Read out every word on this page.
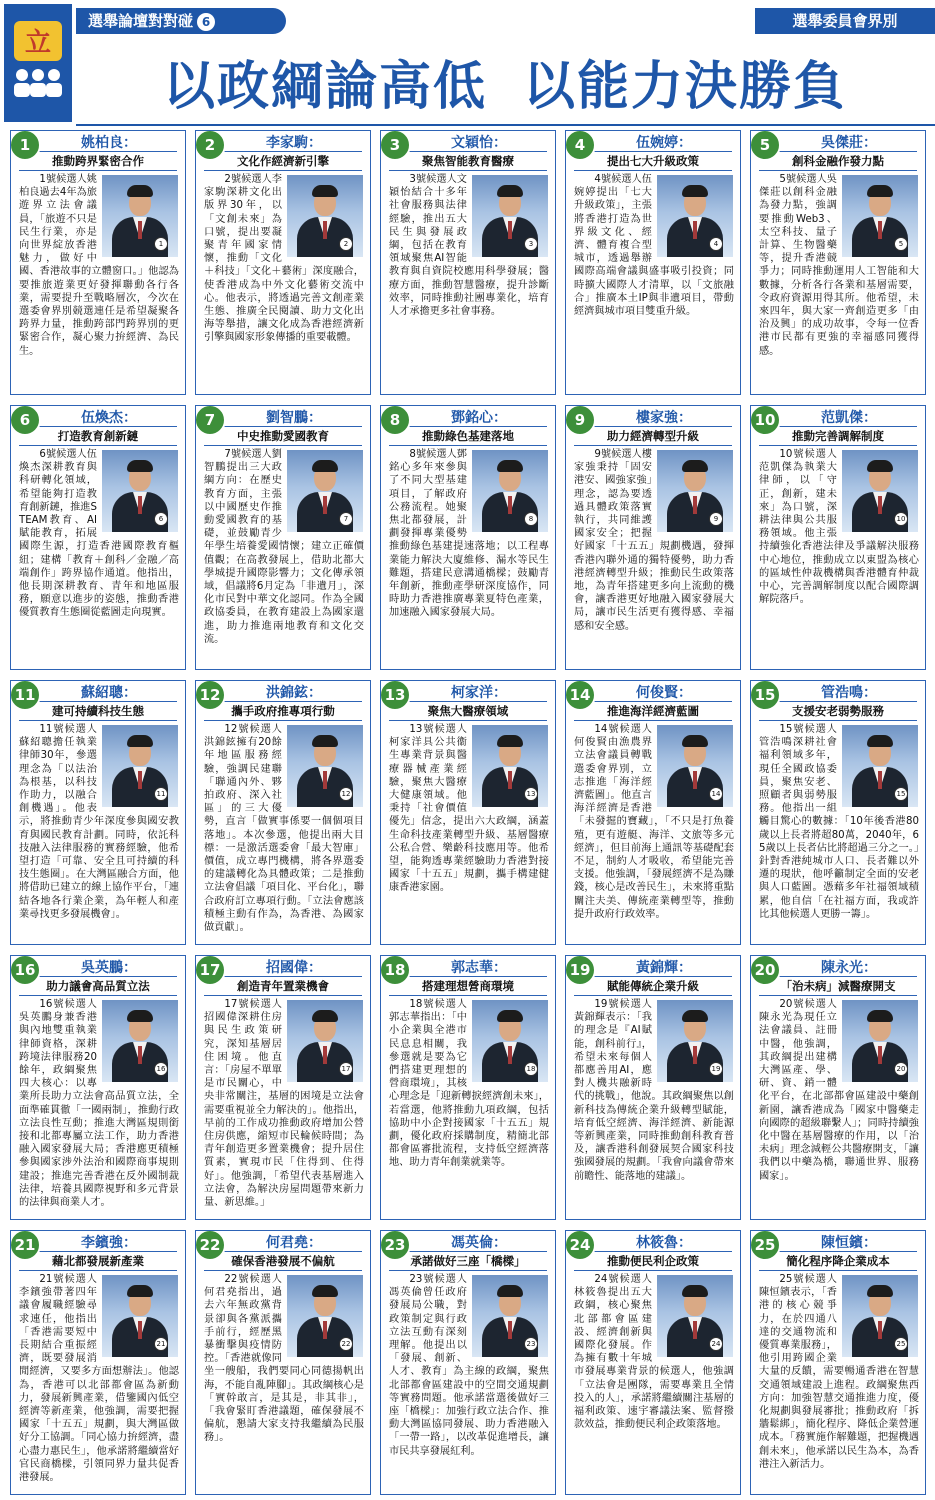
立
選舉論壇對對碰 6	選舉委員會界別
以政綱論高低 以能力決勝負
1	姚柏良：
推動跨界緊密合作
1

1號候選人姚柏良過去4年為旅遊界立法會議員，「旅遊不只是民生行業，亦是向世界綻放香港魅力，做好中國、香港故事的立體窗口。」他認為要推旅遊業更好發揮聯動各行各業，需要提升至戰略層次，今次在選委會界別競選連任是希望凝聚各跨界力量，推動跨部門跨界別的更緊密合作，凝心聚力拚經濟、為民生。

2	李家駒：
文化作經濟新引擎
2

2號候選人李家駒深耕文化出版界30年，以「文創未來」為口號，提出要凝聚青年國家情懷，推動「文化＋科技」「文化＋藝術」深度融合，使香港成為中外文化藝術交流中心。他表示，將透過完善文創產業生態、推廣全民閱讀、助力文化出海等舉措，讓文化成為香港經濟新引擎與國家形象傳播的重要載體。

3	文穎怡：
聚焦智能教育醫療
3

3號候選人文穎怡結合十多年社會服務與法律經驗，推出五大民生與發展政綱，包括在教育領域聚焦AI智能教育與自資院校應用科學發展；醫療方面，推動智慧醫療，提升診斷效率，同時推動社團專業化，培育人才承擔更多社會事務。

4	伍婉婷：
提出七大升級政策
4

4號候選人伍婉婷提出「七大升級政策」，主張將香港打造為世界級文化、經濟、體育複合型城市，透過舉辦國際高端會議與盛事吸引投資；同時擴大國際人才清單，以「文旅融合」推廣本土IP與非遺項目，帶動經濟與城市項目雙重升級。

5	吳傑莊：
創科金融作發力點
5

5號候選人吳傑莊以創科金融為發力點，強調要推動Web3、太空科技、量子計算、生物醫藥等，提升香港競爭力；同時推動運用人工智能和大數據，分析各行各業和基層需要，令政府資源用得其所。他希望，未來四年，與大家一齊創造更多「由治及興」的成功故事，令每一位香港市民都有更強的幸福感同獲得感。

6	伍煥杰：
打造教育創新鏈
6

6號候選人伍煥杰深耕教育與科研轉化領域，希望能夠打造教育創新鏈，推進STEAM教育、AI賦能教育，拓展國際生源，打造香港國際教育樞紐；建構「教育＋創科／金融／高端創作」跨界協作通道。他指出，他長期深耕教育、青年和地區服務，願意以進步的姿態，推動香港優質教育生態圈從藍圖走向現實。

7	劉智鵬：
中史推動愛國教育
7

7號候選人劉智鵬提出三大政綱方向：在歷史教育方面，主張以中國歷史作推動愛國教育的基礎，並鼓勵青少年學生培養愛國情懷；建立正確價值觀；在高教發展上，借助北都大學城提升國際影響力；文化傳承領域，倡議將6月定為「非遺月」，深化市民對中華文化認同。作為全國政協委員，在教育建設上為國家還進，助力推進兩地教育和文化交流。

8	鄧銘心：
推動綠色基建落地
8

8號候選人鄧銘心多年來參與了不同大型基建項目，了解政府公務流程。她聚焦北都發展，計劃發揮專業優勢推動綠色基建提速落地；以工程專業能力解決大廈維修、漏水等民生難題，搭建民意溝通橋樑；鼓勵青年創新，推動產學研深度協作，同時助力香港推廣專業夏特色產業，加速融入國家發展大局。

9	樓家強：
助力經濟轉型升級
9

9號候選人樓家強秉持「固安港安、國強家強」理念，認為要透過具體政策落實執行，共同維護國家安全；把握好國家「十五五」規劃機遇，發揮香港內聯外通的獨特優勢，助力香港經濟轉型升級；推動民生政策落地，為青年搭建更多向上流動的機會，讓香港更好地融入國家發展大局，讓市民生活更有獲得感、幸福感和安全感。

10	范凱傑：
推動完善調解制度
10

10號候選人范凱傑為執業大律師，以「守正，創新，建未來」為口號，深耕法律與公共服務領域。他主張持續強化香港法律及爭議解決服務中心地位，推動成立以東盟為核心的區域性仲裁機構與香港體育仲裁中心，完善調解制度以配合國際調解院落戶。

11	蘇紹聰：
建可持續科技生態
11

11號候選人蘇紹聰擔任執業律師30年，參選理念為「以法治為根基，以科技作助力，以融合創機遇」。他表示，將推動青少年深度參與國安教育與國民教育計劃。同時，依託科技融入法律服務的實務經驗，他希望打造「可靠、安全且可持續的科技生態圈」。在大灣區融合方面，他將借助已建立的線上協作平台，「連結各地各行業企業，為年輕人和產業尋找更多發展機會」。

12	洪錦鉉：
攜手政府推專項行動
12

12號候選人洪錦鉉擁有20餘年地區服務經驗，強調民建聯「聯通內外、夥拍政府、深入社區」的三大優勢，直言「做實事係要一個個項目落地」。本次參選，他提出兩大目標：一是激活選委會「最大智庫」價值，成立專門機構，將各界選委的建議轉化為具體政策；二是推動立法會倡議「項目化、平台化」，聯合政府訂立專項行動。「立法會應該積極主動有作為，為香港、為國家做貢獻」。

13	柯家洋：
聚焦大醫療領域
13

13號候選人柯家洋具公共衞生專業背景與醫療器械產業經驗，聚焦大醫療大健康領域。他秉持「社會價值優先」信念，提出六大政綱，涵蓋生命科技產業轉型升級、基層醫療公私合營、樂齡科技應用等。他希望，能夠透專業經驗助力香港對接國家「十五五」規劃，攜手構建健康香港家園。

14	何俊賢：
推進海洋經濟藍圖
14

14號候選人何俊賢由漁農界立法會議員轉戰選委會界別，立志推進「海洋經濟藍圖」。他直言海洋經濟是香港「未發掘的寶藏」，「不只是打魚養殖，更有遊艇、海洋、文旅等多元經濟」，但目前海上通訊等基礎配套不足，制約人才吸收，希望能完善支援。他強調，「發展經濟不是為賺錢，核心是改善民生」，未來將重點關注夫美、傳統產業轉型等，推動提升政府行政效率。

15	管浩鳴：
支援安老弱勢服務
15

15號候選人管浩鳴深耕社會福利領域多年，現任全國政協委員，聚焦安老、照顧者與弱勢服務。他指出一組觸目驚心的數據：「10年後香港80歲以上長者將超80萬，2040年，65歲以上長者佔比將超過三分之一。」針對香港純城市人口、長者難以外遷的現狀，他呼籲制定全面的安老與人口藍圖。憑藉多年社福領域積累，他自信「在社福方面，我或許比其他候選人更勝一籌」。

16	吳英鵬：
助力議會高品質立法
16

16號候選人吳英鵬身兼香港與內地雙重執業律師資格，深耕跨境法律服務20餘年，政綱聚焦四大核心：以專業所長助力立法會高品質立法，全面準確貫徹「一國兩制」，推動行政立法良性互動；推進大灣區規則銜接和北都專屬立法工作，助力香港融入國家發展大局；香港應更積極參與國家涉外法治和國際商事規則建設；推進完善香港在反外國制裁法律，培養具國際視野和多元背景的法律與商業人才。

17	招國偉：
創造青年置業機會
17

17號候選人招國偉深耕住房與民生政策研究，深知基層居住困境。他直言：「房屋不單單是市民關心，中央非常關注，基層的困境是立法會需要重視並全力解決的」。他指出，早前的工作成功推動政府增加公營住房供應，縮短市民輪候時間；為青年創造更多置業機會；提升居住質素，實現市民「住得到、住得好」。他強調，「希望代表基層進入立法會，為解決房屋問題帶來新力量、新思維。」

18	郭志華：
搭建理想營商環境
18

18號候選人郭志華指出：「中小企業與全港市民息息相關，我參選就是要為它們搭建更理想的營商環境」，其核心理念是「迎新轉捩經濟創未來」，若當選，他將推動九項政綱，包括協助中小企對接國家「十五五」規劃，優化政府採購制度，精簡北部都會區審批流程，支持低空經濟落地、助力青年創業就業等。

19	黃錦輝：
賦能傳統企業升級
19

19號候選人黃錦輝表示：「我的理念是『AI賦能，創科前行』，希望未來每個人都應善用AI，應對人機共融新時代的挑戰」，他說。其政綱聚焦以創新科技為傳統企業升級轉型賦能，培育低空經濟、海洋經濟、新能源等新興產業，同時推動創科教育普及，讓香港科創發展契合國家科技強國發展的規劃。「我會向議會帶來前瞻性、能落地的建議」。

20	陳永光：
「治未病」減醫療開支
20

20號候選人陳永光為現任立法會議員、註冊中醫，他強調，其政綱提出建構大灣區產、學、研、資、銷一體化平台，在北部都會區建設中藥創新園，讓香港成為「國家中醫藥走向國際的超級聯繫人」；同時持續強化中醫在基層醫療的作用，以「治未病」理念減輕公共醫療開支，「讓我們以中藥為橋，聯通世界、服務國家」。

21	李鑌強：
藉北都發展新產業
21

21號候選人李鑌強帶著四年議會履職經驗尋求連任，他指出「香港需要短中長期結合重振經濟，既要發展消閒經濟，又要多方面想辦法」。他認為，香港可以北部都會區為新動力，發展新興產業，借鑒國內低空經濟等新產業，他強調，需要把握國家「十五五」規劃，與大灣區做好分工協調。「同心協力拚經濟，盡心盡力惠民生」，他承諾將繼續當好官民商橋樑，引領同界力量共促香港發展。

22	何君堯：
確保香港發展不偏航
22

22號候選人何君堯指出，過去六年無政黨背景卻與各黨派攜手前行，經歷黑暴衝擊與疫情防控。「香港就像同坐一艘船，我們要同心同德揚帆出海，不能自亂陣腳」。其政綱核心是「實幹敢言，是其是，非其非」，「我會緊盯香港議題，確保發展不偏航，懇請大家支持我繼續為民服務」。

23	馮英倫：
承諾做好三座「橋樑」
23

23號候選人馮英倫曾任政府發展局公職，對政策制定與行政立法互動有深刻理解。他提出以「發展、創新、人才、教育」為主線的政綱，聚焦北部都會區建設中的空間交通規劃等實務問題。他承諾當選後做好三座「橋樑」：加強行政立法合作、推動大灣區協同發展、助力香港融入「一帶一路」，以改革促進增長，讓市民共享發展紅利。

24	林筱魯：
推動便民利企政策
24

24號候選人林筱魯提出五大政綱，核心聚焦北部都會區建設、經濟創新與國際化發展。作為擁有數十年城市發展專業背景的候選人，他強調「立法會是團隊，需要專業且全情投入的人」，承諾將繼續關注基層的福利政策、速宇審議法案、監督撥款效益，推動便民利企政策落地。

25	陳恒鑌：
簡化程序降企業成本
25

25號候選人陳恒鑌表示，「香港的核心競爭力，在於四通八達的交通物流和優質專業服務」，他引用跨國企業大量的反饋，需要暢通香港在智慧交通領域建設上進程。政綱聚焦西方向：加強智慧交通推進力度，優化規劃與發展審批；推動政府「拆牆鬆綁」，簡化程序、降低企業營運成本。「務實施作解難題，把握機遇創未來」，他承諾以民生為本，為香港注入新活力。
